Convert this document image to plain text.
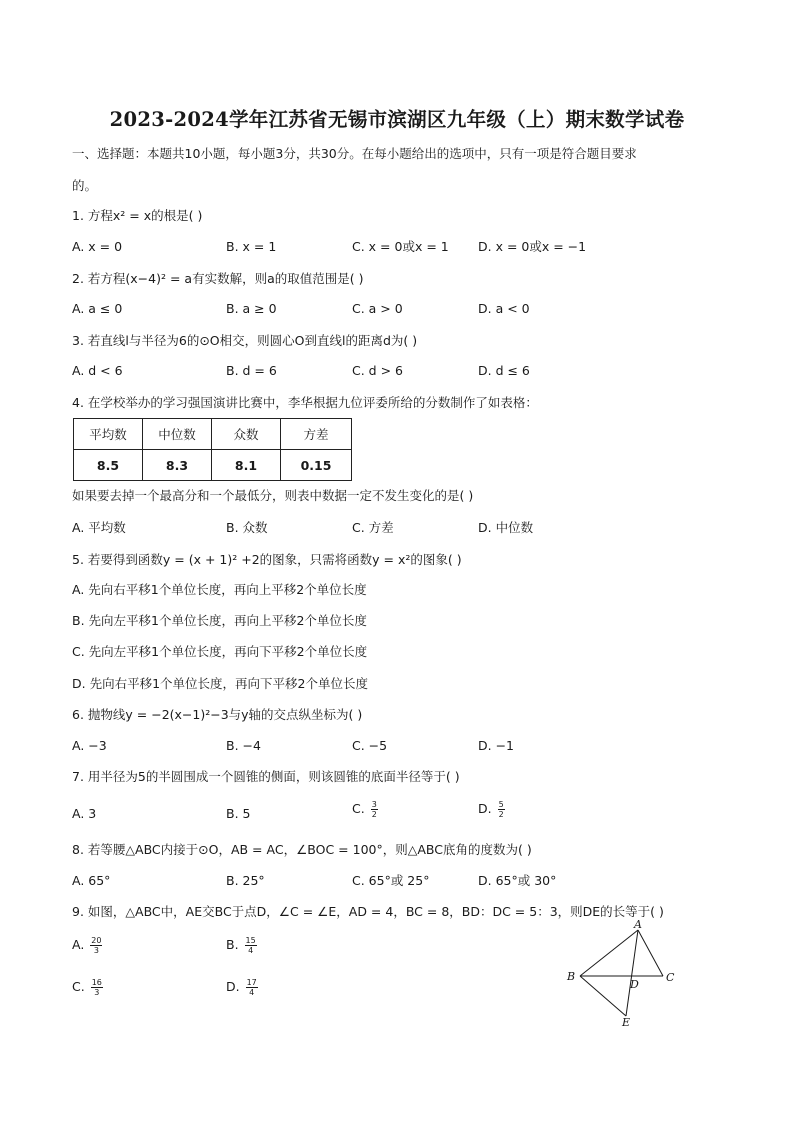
2023-2024学年江苏省无锡市滨湖区九年级（上）期末数学试卷
一、选择题：本题共10小题，每小题3分，共30分。在每小题给出的选项中，只有一项是符合题目要求
的。
1. 方程x² = x的根是( )
A. x = 0	B. x = 1	C. x = 0或x = 1 D. x = 0或x = −1
2. 若方程(x−4)² = a有实数解，则a的取值范围是( )
A. a ≤ 0	B. a ≥ 0	C. a > 0	D. a < 0
3. 若直线l与半径为6的⊙O相交，则圆心O到直线l的距离d为( )
A. d < 6	B. d = 6	C. d > 6	D. d ≤ 6
4. 在学校举办的学习强国演讲比赛中，李华根据九位评委所给的分数制作了如表格：
平均数	中位数	众数	方差
8.5	8.3	8.1	0.15
如果要去掉一个最高分和一个最低分，则表中数据一定不发生变化的是( )
A. 平均数	B. 众数	C. 方差	D. 中位数
5. 若要得到函数y = (x + 1)² +2的图象，只需将函数y = x²的图象( )
A. 先向右平移1个单位长度，再向上平移2个单位长度
B. 先向左平移1个单位长度，再向上平移2个单位长度
C. 先向左平移1个单位长度，再向下平移2个单位长度
D. 先向右平移1个单位长度，再向下平移2个单位长度
6. 抛物线y = −2(x−1)²−3与y轴的交点纵坐标为( )
A. −3	B. −4	C. −5	D. −1
7. 用半径为5的半圆围成一个圆锥的侧面，则该圆锥的底面半径等于( )
A. 3	B. 5	C. $\frac{3}{2}$	D. $\frac{5}{2}$
8. 若等腰△ABC内接于⊙O，AB = AC，∠BOC = 100°，则△ABC底角的度数为( )
A. 65°	B. 25°	C. 65°或 25°	D. 65°或 30°
9. 如图，△ABC中，AE交BC于点D，∠C = ∠E，AD = 4，BC = 8，BD：DC = 5：3，则DE的长等于( )
A. $\frac{20}{3}$	B. $\frac{15}{4}$
C. $\frac{16}{3}$	D. $\frac{17}{4}$
A
B	C
D
E
